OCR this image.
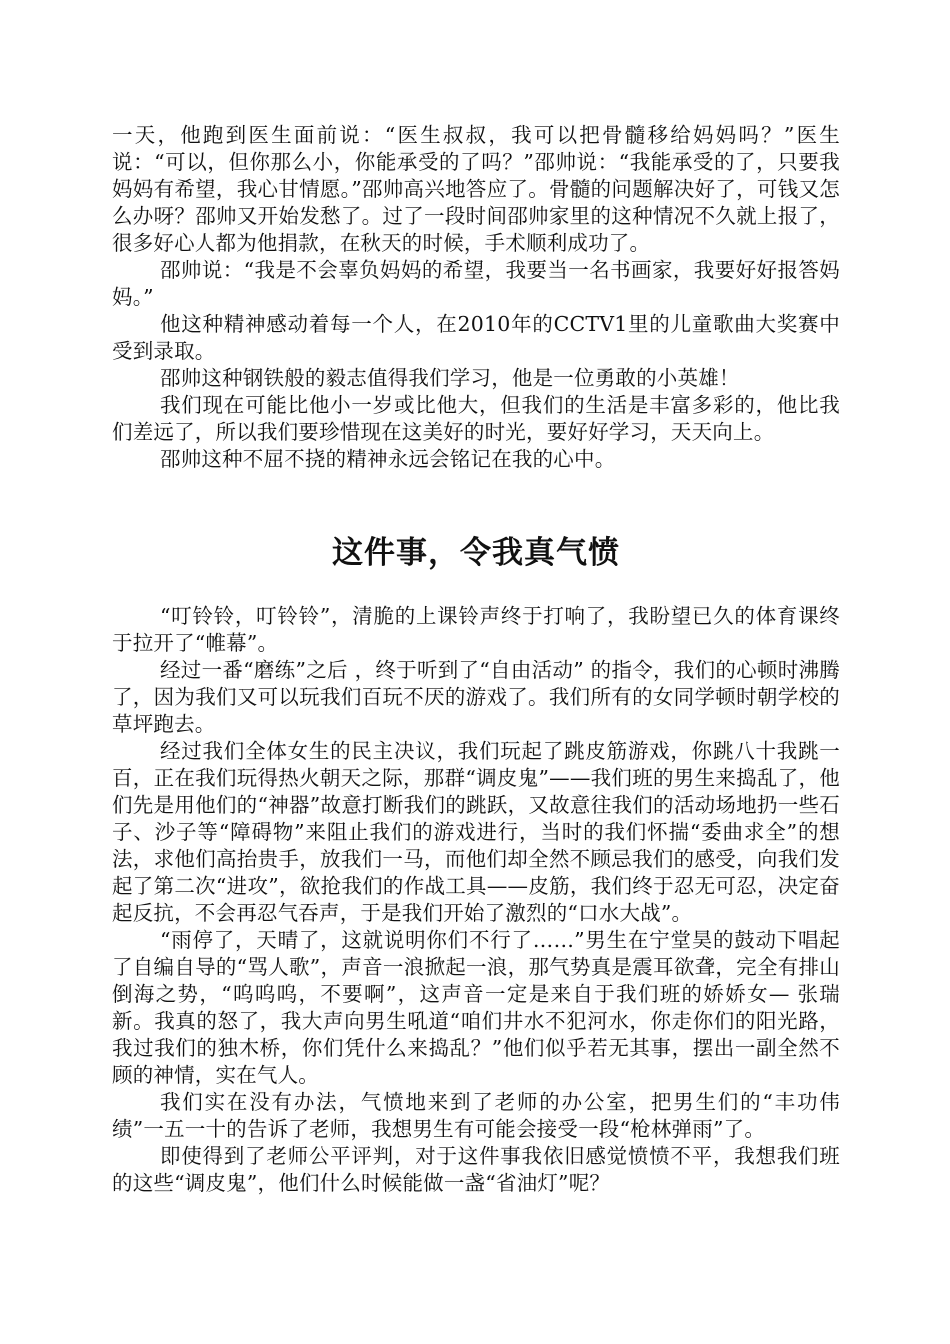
一天，他跑到医生面前说：“医生叔叔，我可以把骨髓移给妈妈吗？”医生说：“可以，但你那么小，你能承受的了吗？”邵帅说：“我能承受的了，只要我妈妈有希望，我心甘情愿。”邵帅高兴地答应了。骨髓的问题解决好了，可钱又怎么办呀？邵帅又开始发愁了。过了一段时间邵帅家里的这种情况不久就上报了，很多好心人都为他捐款，在秋天的时候，手术顺利成功了。

邵帅说：“我是不会辜负妈妈的希望，我要当一名书画家，我要好好报答妈妈。”

他这种精神感动着每一个人，在2010年的CCTV1里的儿童歌曲大奖赛中受到录取。

邵帅这种钢铁般的毅志值得我们学习，他是一位勇敢的小英雄！

我们现在可能比他小一岁或比他大，但我们的生活是丰富多彩的，他比我们差远了，所以我们要珍惜现在这美好的时光，要好好学习，天天向上。

邵帅这种不屈不挠的精神永远会铭记在我的心中。

这件事，令我真气愤

“叮铃铃，叮铃铃”，清脆的上课铃声终于打响了，我盼望已久的体育课终于拉开了“帷幕”。

经过一番“磨练”之后 ，终于听到了“自由活动” 的指令，我们的心顿时沸腾了，因为我们又可以玩我们百玩不厌的游戏了。我们所有的女同学顿时朝学校的草坪跑去。

经过我们全体女生的民主决议，我们玩起了跳皮筋游戏，你跳八十我跳一百，正在我们玩得热火朝天之际，那群“调皮鬼”——我们班的男生来捣乱了，他们先是用他们的“神器”故意打断我们的跳跃，又故意往我们的活动场地扔一些石子、沙子等“障碍物”来阻止我们的游戏进行，当时的我们怀揣“委曲求全”的想法，求他们高抬贵手，放我们一马，而他们却全然不顾忌我们的感受，向我们发起了第二次“进攻”，欲抢我们的作战工具——皮筋，我们终于忍无可忍，决定奋起反抗，不会再忍气吞声，于是我们开始了激烈的“口水大战”。

“雨停了，天晴了，这就说明你们不行了……”男生在宁堂昊的鼓动下唱起了自编自导的“骂人歌”，声音一浪掀起一浪，那气势真是震耳欲聋，完全有排山倒海之势，“呜呜呜，不要啊”，这声音一定是来自于我们班的娇娇女— 张瑞新。我真的怒了，我大声向男生吼道“咱们井水不犯河水，你走你们的阳光路，我过我们的独木桥，你们凭什么来捣乱？”他们似乎若无其事，摆出一副全然不顾的神情，实在气人。

我们实在没有办法，气愤地来到了老师的办公室，把男生们的“丰功伟绩”一五一十的告诉了老师，我想男生有可能会接受一段“枪林弹雨”了。

即使得到了老师公平评判，对于这件事我依旧感觉愤愤不平，我想我们班的这些“调皮鬼”，他们什么时候能做一盏“省油灯”呢？
